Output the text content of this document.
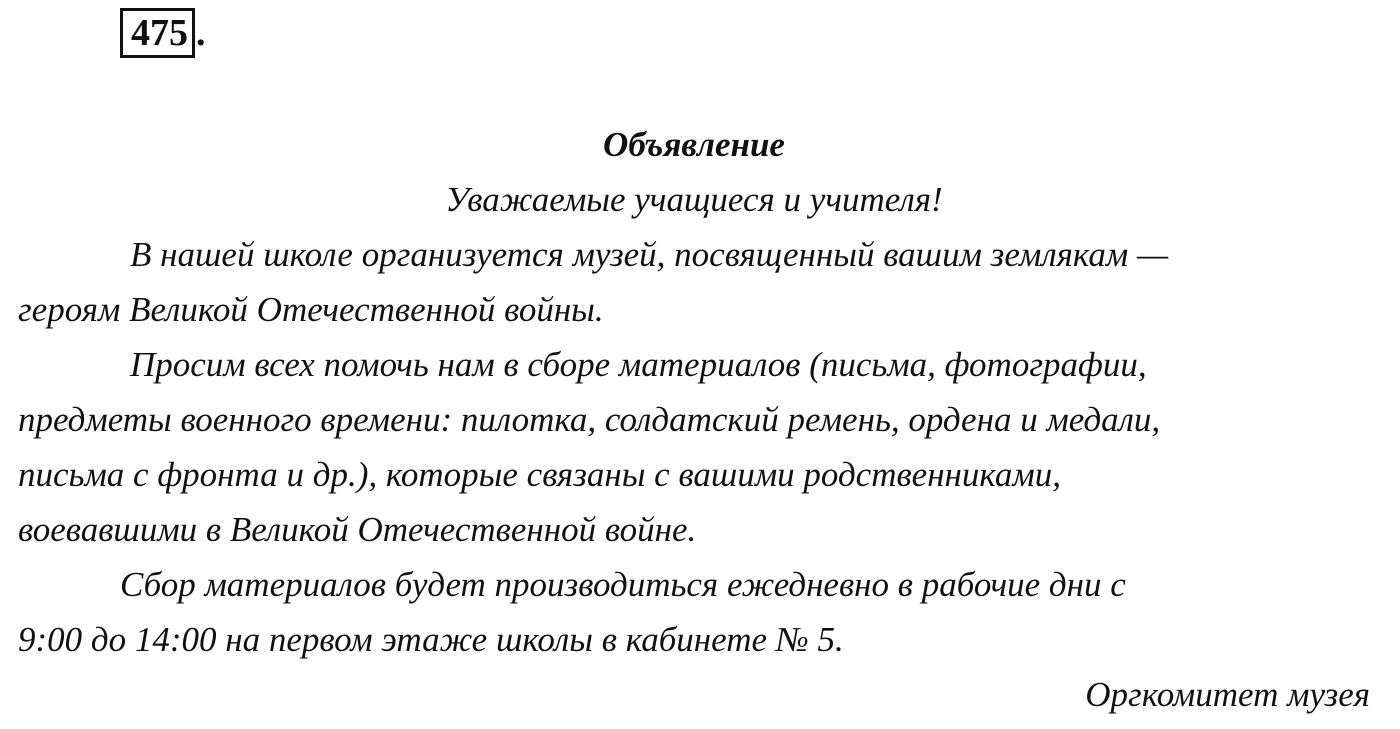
475 .
Объявление
Уважаемые учащиеся и учителя!

В нашей школе организуется музей, посвященный вашим землякам —
героям Великой Отечественной войны.

Просим всех помочь нам в сборе материалов (письма, фотографии,
предметы военного времени: пилотка, солдатский ремень, ордена и медали,
письма с фронта и др.), которые связаны с вашими родственниками,
воевавшими в Великой Отечественной войне.

Сбор материалов будет производиться ежедневно в рабочие дни с
9:00 до 14:00 на первом этаже школы в кабинете № 5.

Оргкомитет музея
